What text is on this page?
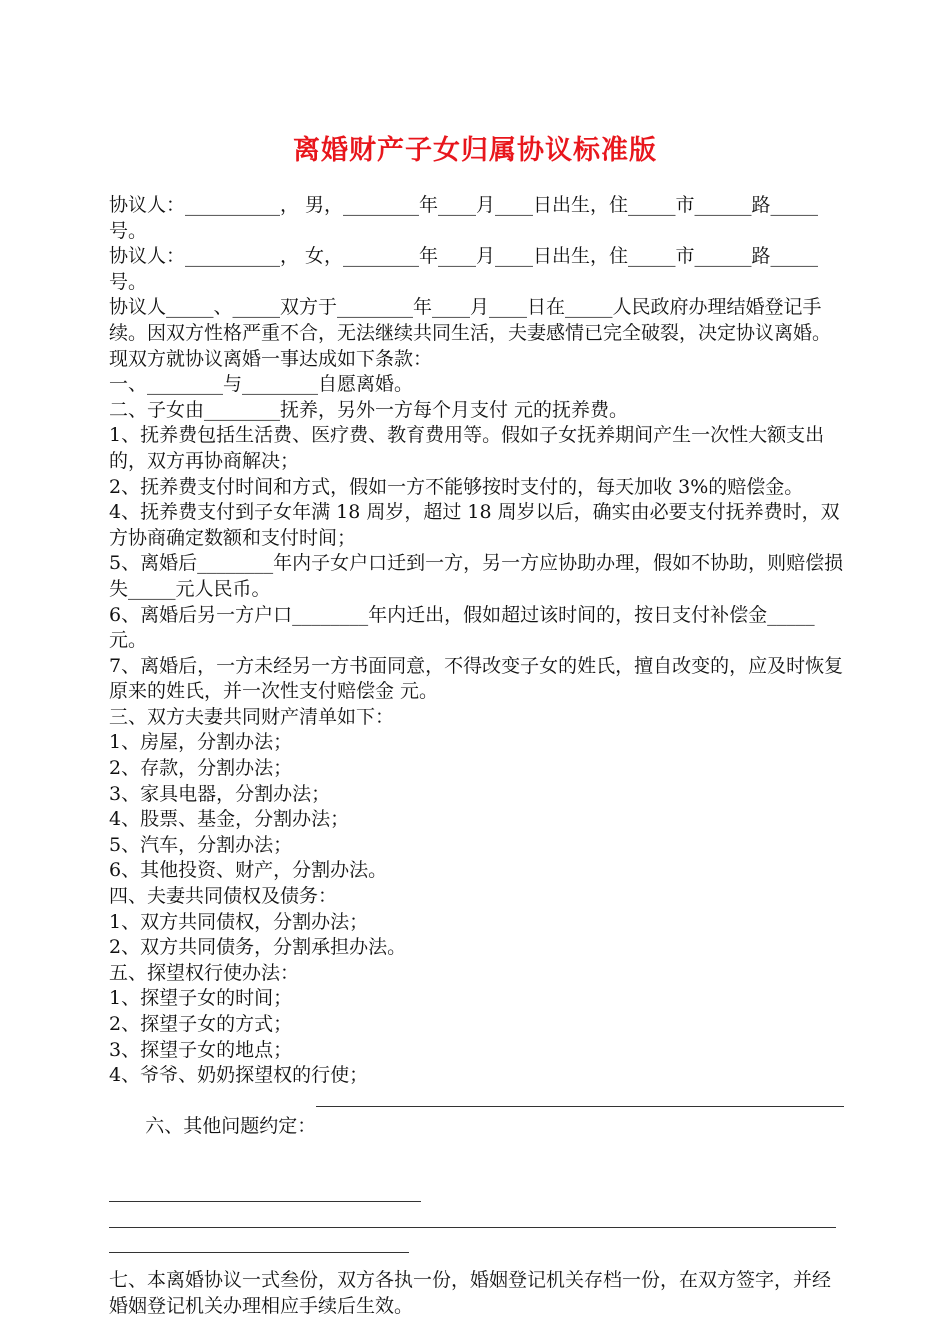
离婚财产子女归属协议标准版

协议人：__________， 男，________年____月____日出生，住_____市______路_____号。

协议人：__________， 女，________年____月____日出生，住_____市______路_____号。

协议人_____、_____双方于________年____月____日在_____人民政府办理结婚登记手续。因双方性格严重不合，无法继续共同生活，夫妻感情已完全破裂，决定协议离婚。现双方就协议离婚一事达成如下条款：

一、________与________自愿离婚。

二、子女由________抚养，另外一方每个月支付 元的抚养费。

1、抚养费包括生活费、医疗费、教育费用等。假如子女抚养期间产生一次性大额支出的，双方再协商解决；

2、抚养费支付时间和方式，假如一方不能够按时支付的，每天加收 3%的赔偿金。

4、抚养费支付到子女年满 18 周岁，超过 18 周岁以后，确实由必要支付抚养费时，双方协商确定数额和支付时间；

5、离婚后________年内子女户口迁到一方，另一方应协助办理，假如不协助，则赔偿损失_____元人民币。

6、离婚后另一方户口________年内迁出，假如超过该时间的，按日支付补偿金_____元。

7、离婚后，一方未经另一方书面同意，不得改变子女的姓氏，擅自改变的，应及时恢复原来的姓氏，并一次性支付赔偿金 元。

三、双方夫妻共同财产清单如下：

1、房屋，分割办法；

2、存款，分割办法；

3、家具电器，分割办法；

4、股票、基金，分割办法；

5、汽车，分割办法；

6、其他投资、财产，分割办法。

四、夫妻共同债权及债务：

1、双方共同债权，分割办法；

2、双方共同债务，分割承担办法。

五、探望权行使办法：

1、探望子女的时间；

2、探望子女的方式；

3、探望子女的地点；

4、爷爷、奶奶探望权的行使；

六、其他问题约定：

七、本离婚协议一式叁份，双方各执一份，婚姻登记机关存档一份，在双方签字，并经婚姻登记机关办理相应手续后生效。
